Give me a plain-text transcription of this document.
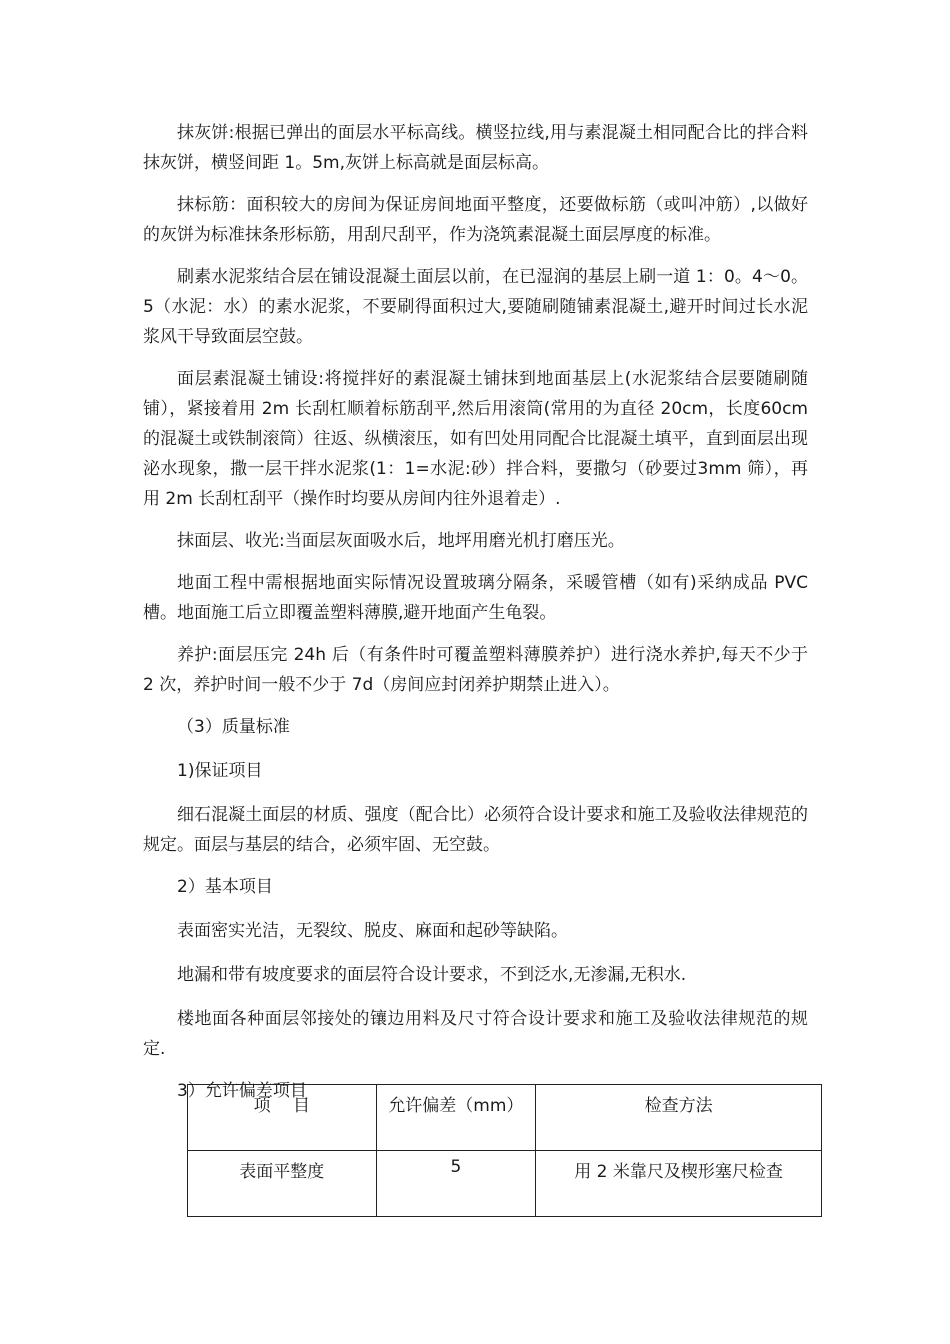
抹灰饼:根据已弹出的面层水平标高线。横竖拉线,用与素混凝土相同配合比的拌合料抹灰饼，横竖间距 1。5m,灰饼上标高就是面层标高。

抹标筋：面积较大的房间为保证房间地面平整度，还要做标筋（或叫冲筋）,以做好的灰饼为标准抹条形标筋，用刮尺刮平，作为浇筑素混凝土面层厚度的标准。

刷素水泥浆结合层在铺设混凝土面层以前，在已湿润的基层上刷一道 1：0。4～0。5（水泥：水）的素水泥浆，不要刷得面积过大,要随刷随铺素混凝土,避开时间过长水泥浆风干导致面层空鼓。

面层素混凝土铺设:将搅拌好的素混凝土铺抹到地面基层上(水泥浆结合层要随刷随铺），紧接着用 2m 长刮杠顺着标筋刮平,然后用滚筒(常用的为直径 20cm，长度60cm 的混凝土或铁制滚筒）往返、纵横滚压，如有凹处用同配合比混凝土填平，直到面层出现泌水现象，撒一层干拌水泥浆(1：1=水泥:砂）拌合料，要撒匀（砂要过3mm 筛），再用 2m 长刮杠刮平（操作时均要从房间内往外退着走）.

抹面层、收光:当面层灰面吸水后，地坪用磨光机打磨压光。

地面工程中需根据地面实际情况设置玻璃分隔条，采暖管槽（如有)采纳成品 PVC 槽。地面施工后立即覆盖塑料薄膜,避开地面产生龟裂。

养护:面层压完 24h 后（有条件时可覆盖塑料薄膜养护）进行浇水养护,每天不少于 2 次，养护时间一般不少于 7d（房间应封闭养护期禁止进入）。

（3）质量标准

1)保证项目

细石混凝土面层的材质、强度（配合比）必须符合设计要求和施工及验收法律规范的规定。面层与基层的结合，必须牢固、无空鼓。

2）基本项目

表面密实光洁，无裂纹、脱皮、麻面和起砂等缺陷。

地漏和带有坡度要求的面层符合设计要求，不到泛水,无渗漏,无积水.

楼地面各种面层邻接处的镶边用料及尺寸符合设计要求和施工及验收法律规范的规定.

3）允许偏差项目

项　 目	允许偏差（mm）	检查方法
表面平整度	5	用 2 米靠尺及楔形塞尺检查
